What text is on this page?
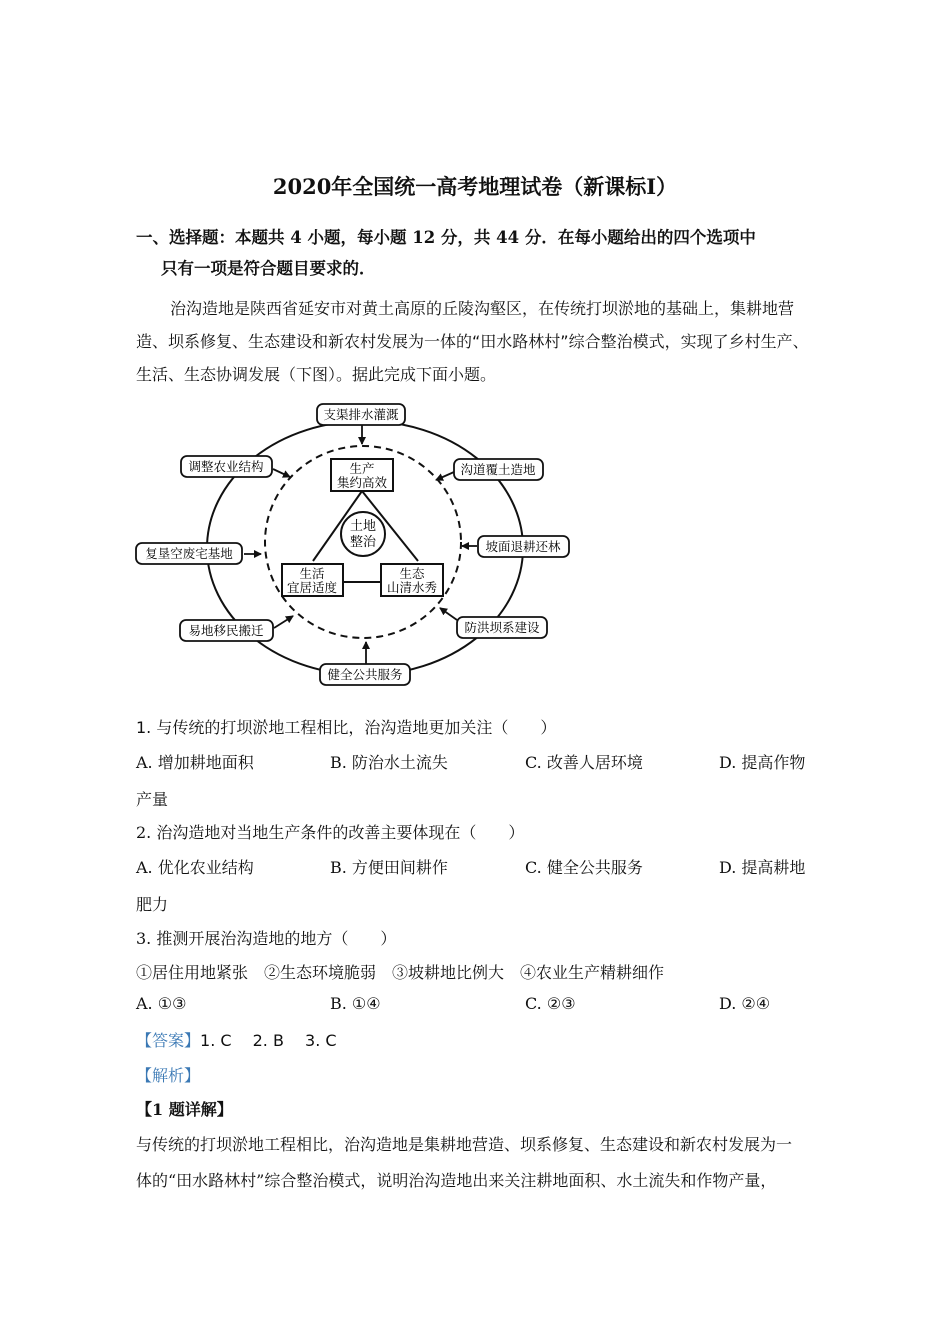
2020年全国统一高考地理试卷（新课标Ⅰ）
一、选择题：本题共 4 小题，每小题 12 分，共 44 分．在每小题给出的四个选项中
只有一项是符合题目要求的．
治沟造地是陕西省延安市对黄土高原的丘陵沟壑区，在传统打坝淤地的基础上，集耕地营造、坝系修复、生态建设和新农村发展为一体的“田水路林村”综合整治模式，实现了乡村生产、生活、生态协调发展（下图）。据此完成下面小题。
土地
整治
生产
集约高效
生活
宜居适度
生态
山清水秀
支渠排水灌溉
沟道覆土造地
坡面退耕还林
防洪坝系建设
健全公共服务
易地移民搬迁
复垦空废宅基地
调整农业结构
1. 与传统的打坝淤地工程相比，治沟造地更加关注（　　）
A. 增加耕地面积	B. 防治水土流失	C. 改善人居环境	D. 提高作物
产量
2. 治沟造地对当地生产条件的改善主要体现在（　　）
A. 优化农业结构	B. 方便田间耕作	C. 健全公共服务	D. 提高耕地
肥力
3. 推测开展治沟造地的地方（　　）
①居住用地紧张　②生态环境脆弱　③坡耕地比例大　④农业生产精耕细作
A. ①③	B. ①④	C. ②③	D. ②④
【答案】1. C　 2. B　 3. C
【解析】
【1 题详解】
与传统的打坝淤地工程相比，治沟造地是集耕地营造、坝系修复、生态建设和新农村发展为一
体的“田水路林村”综合整治模式，说明治沟造地出来关注耕地面积、水土流失和作物产量，
